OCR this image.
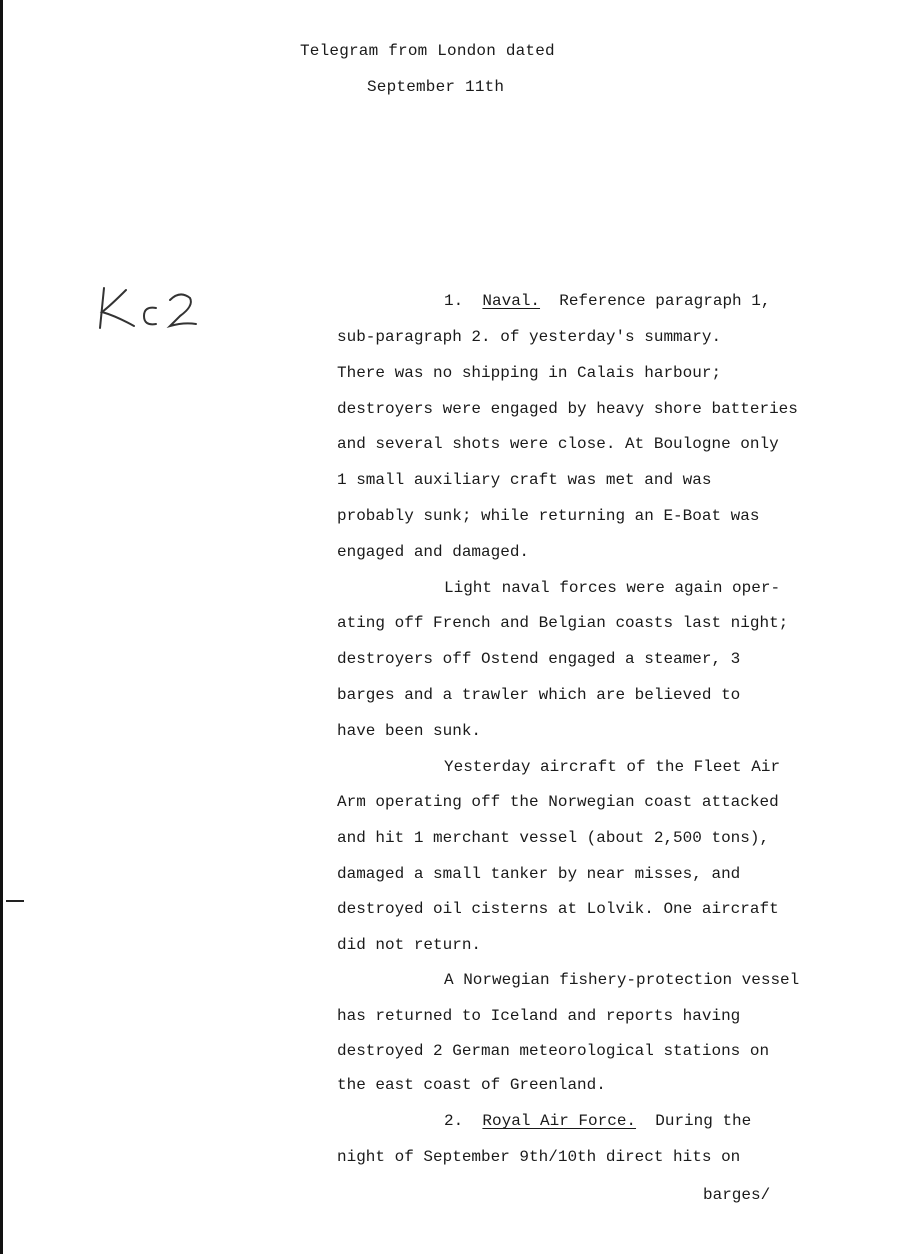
Telegram from London dated
September 11th
1. Naval. Reference paragraph 1,
sub-paragraph 2. of yesterday's summary.
There was no shipping in Calais harbour;
destroyers were engaged by heavy shore batteries
and several shots were close. At Boulogne only
1 small auxiliary craft was met and was
probably sunk; while returning an E-Boat was
engaged and damaged.
Light naval forces were again oper-
ating off French and Belgian coasts last night;
destroyers off Ostend engaged a steamer, 3
barges and a trawler which are believed to
have been sunk.
Yesterday aircraft of the Fleet Air
Arm operating off the Norwegian coast attacked
and hit 1 merchant vessel (about 2,500 tons),
damaged a small tanker by near misses, and
destroyed oil cisterns at Lolvik. One aircraft
did not return.
A Norwegian fishery-protection vessel
has returned to Iceland and reports having
destroyed 2 German meteorological stations on
the east coast of Greenland.
2. Royal Air Force. During the
night of September 9th/10th direct hits on
barges/
